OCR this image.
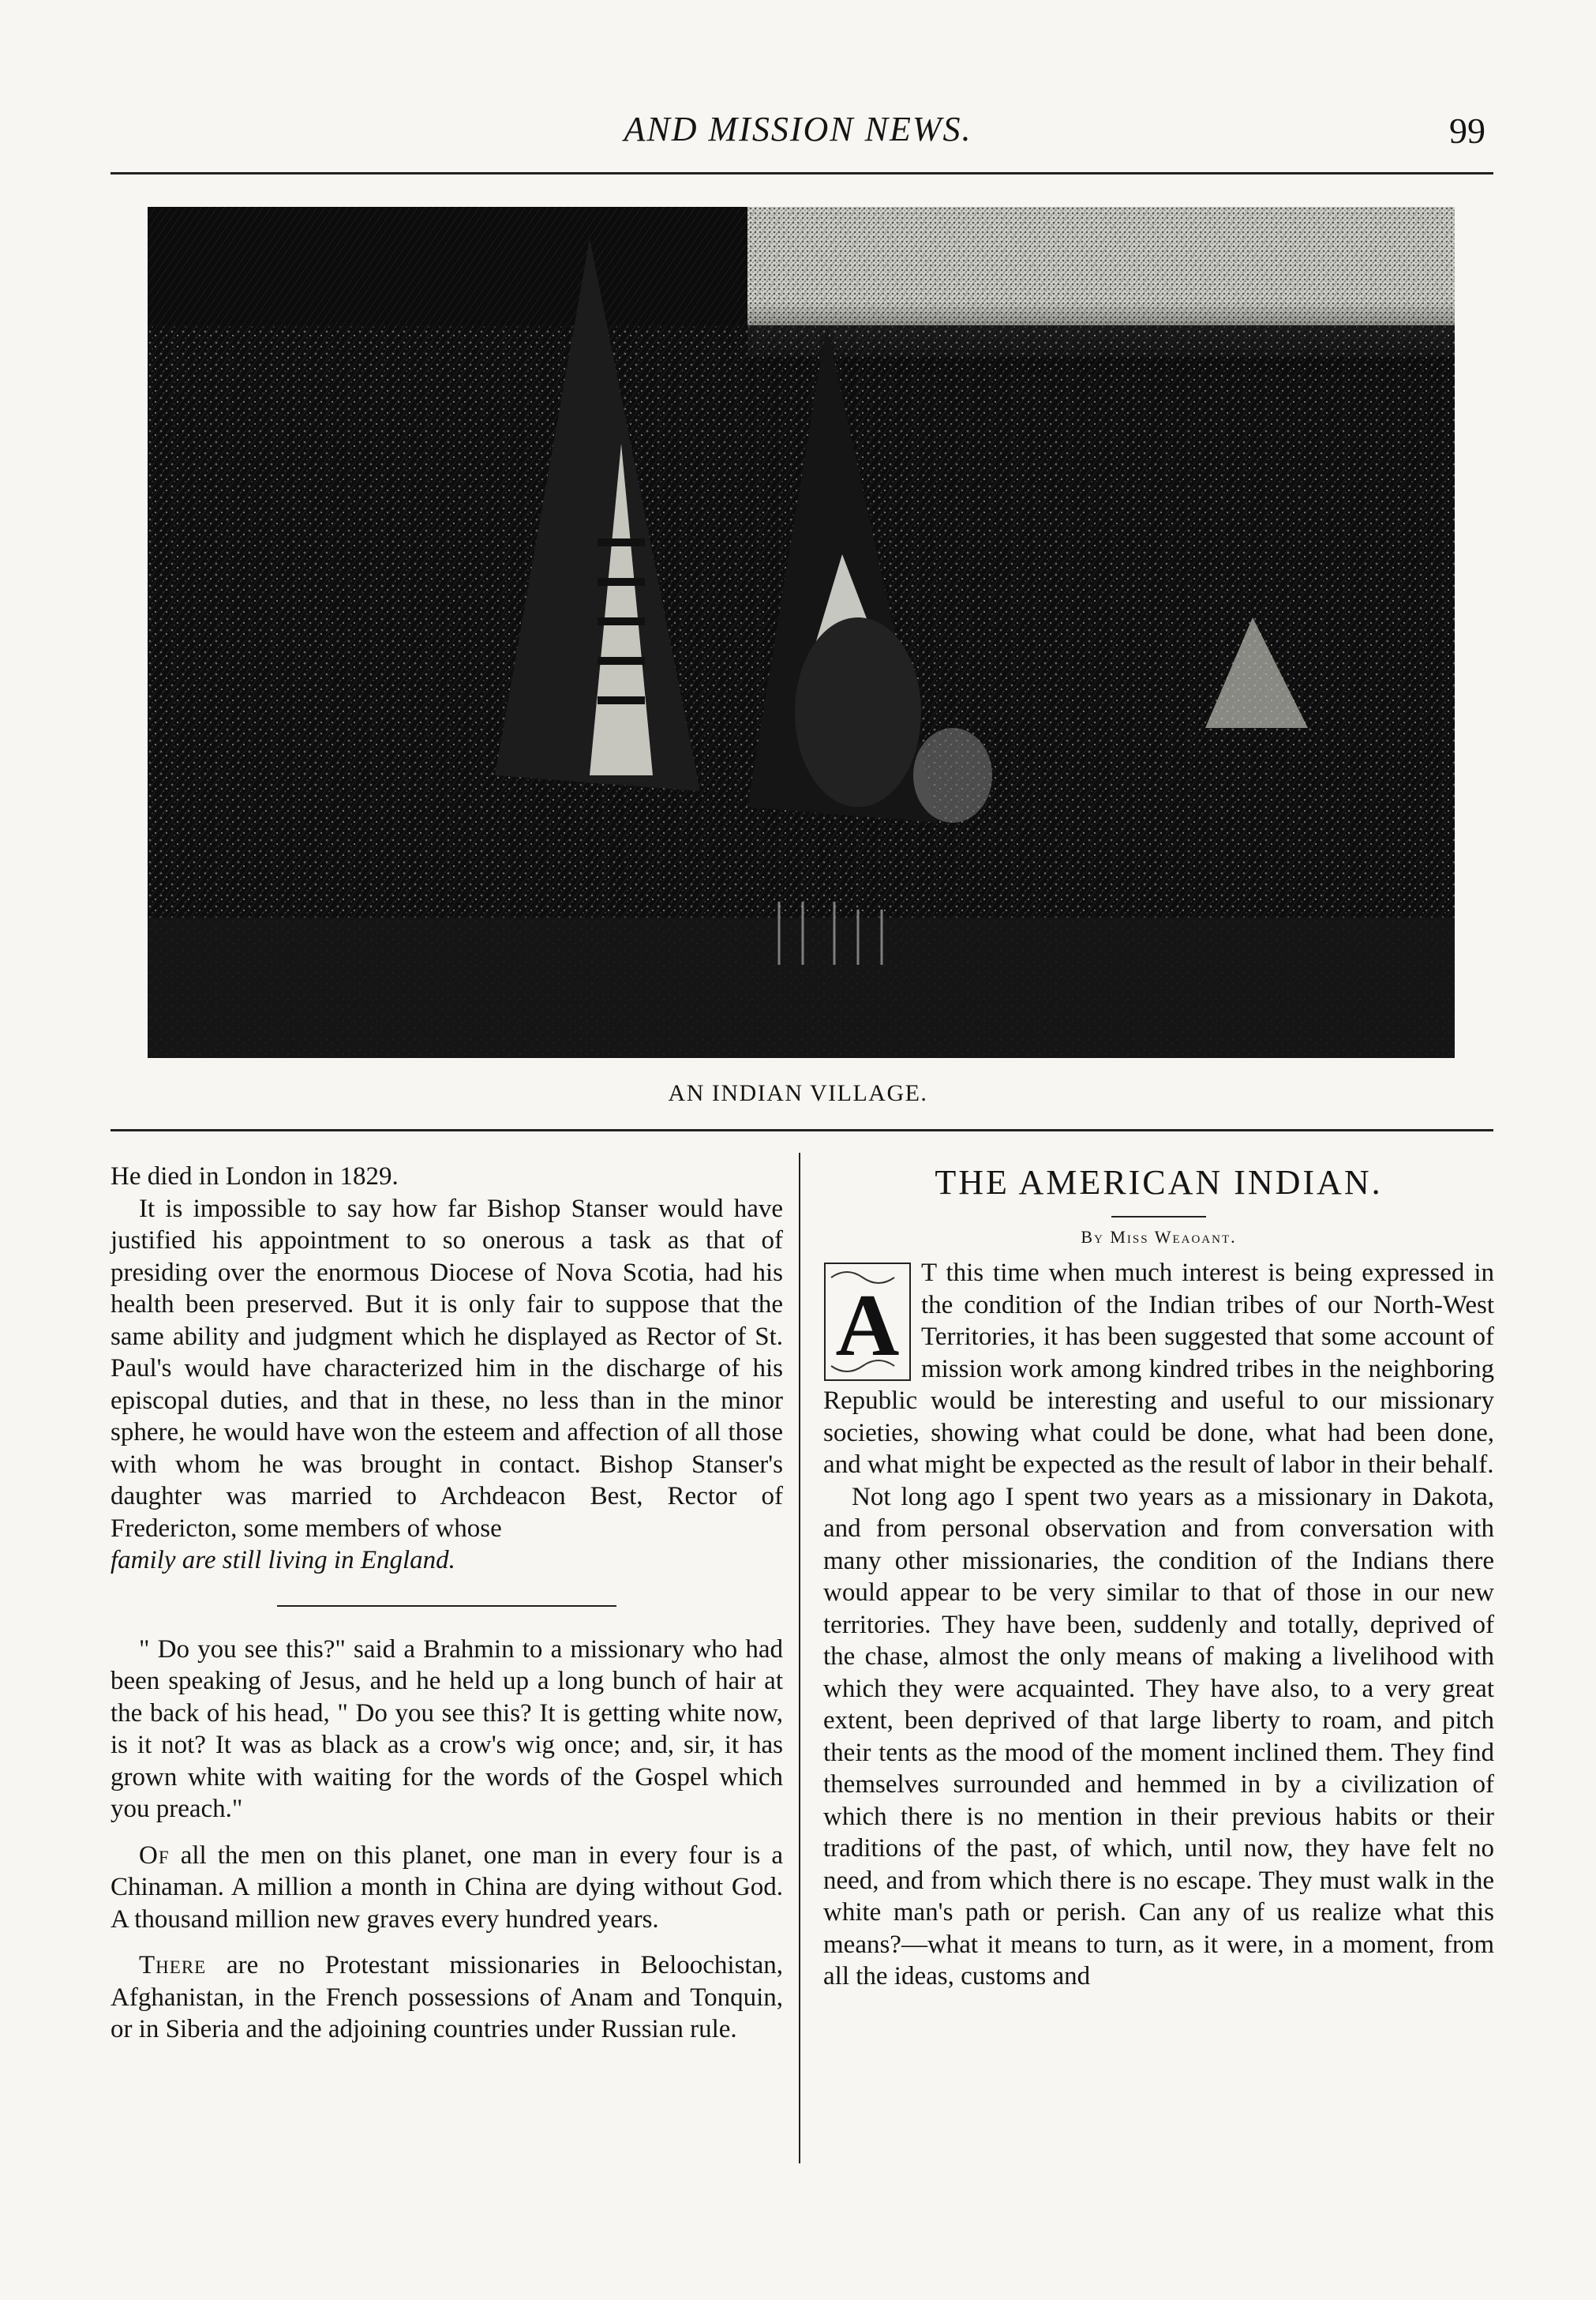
AND MISSION NEWS.	99
AN INDIAN VILLAGE.

He died in London in 1829.

It is impossible to say how far Bishop Stanser would have justified his appointment to so onerous a task as that of presiding over the enormous Diocese of Nova Scotia, had his health been preserved. But it is only fair to suppose that the same ability and judgment which he displayed as Rector of St. Paul's would have characterized him in the discharge of his episcopal duties, and that in these, no less than in the minor sphere, he would have won the esteem and affection of all those with whom he was brought in contact. Bishop Stanser's daughter was married to Archdeacon Best, Rector of Fredericton, some members of whose

family are still living in England.

" Do you see this?" said a Brahmin to a missionary who had been speaking of Jesus, and he held up a long bunch of hair at the back of his head, " Do you see this? It is getting white now, is it not? It was as black as a crow's wig once; and, sir, it has grown white with waiting for the words of the Gospel which you preach."

Of all the men on this planet, one man in every four is a Chinaman. A million a month in China are dying without God. A thousand million new graves every hundred years.

There are no Protestant missionaries in Beloochistan, Afghanistan, in the French possessions of Anam and Tonquin, or in Siberia and the adjoining countries under Russian rule.

THE AMERICAN INDIAN.

By Miss Weaoant.

A
T this time when much interest is being expressed in the condition of the Indian tribes of our North-West Territories, it has been suggested that some account of mission work among kindred tribes in the neighboring Republic would be interesting and useful to our missionary societies, showing what could be done, what had been done, and what might be expected as the result of labor in their behalf.

Not long ago I spent two years as a missionary in Dakota, and from personal observation and from conversation with many other missionaries, the condition of the Indians there would appear to be very similar to that of those in our new territories. They have been, suddenly and totally, deprived of the chase, almost the only means of making a livelihood with which they were acquainted. They have also, to a very great extent, been deprived of that large liberty to roam, and pitch their tents as the mood of the moment inclined them. They find themselves surrounded and hemmed in by a civilization of which there is no mention in their previous habits or their traditions of the past, of which, until now, they have felt no need, and from which there is no escape. They must walk in the white man's path or perish. Can any of us realize what this means?—what it means to turn, as it were, in a moment, from all the ideas, customs and
